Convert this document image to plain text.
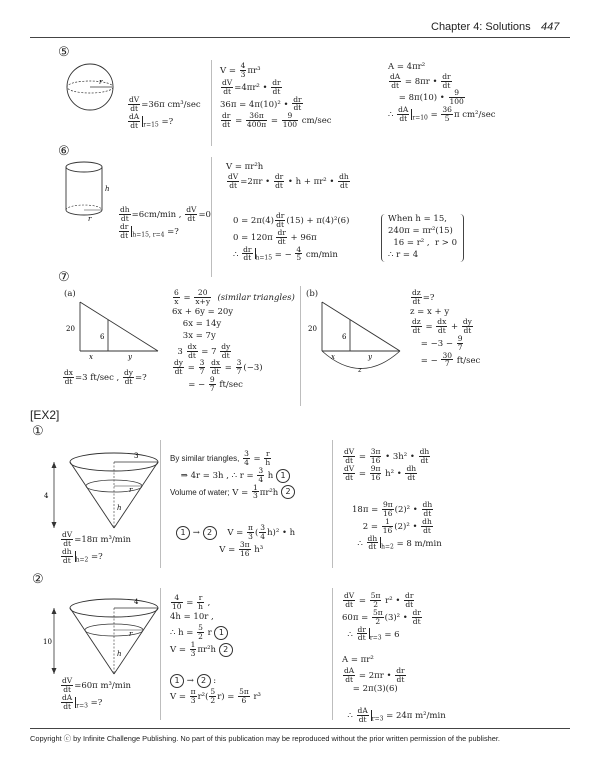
Chapter 4: Solutions 447
⑤
r
$\frac{dV}{dt} =36\pi$ cm³/sec

$\frac{dA}{dt} _{r=15}$ =?
$V = \frac{4}{3} \pi r^3$

$\frac{dV}{dt} =4\pi r^2$ • $\frac{dr}{dt}$

36π = 4π(10)² • $\frac{dr}{dt}$

$\frac{dr}{dt} = \frac{36\pi}{400\pi} = \frac{9}{100} cm/\sec$
A = 4πr²

$\frac{dA}{dt} = 8\pi r$ • $\frac{dr}{dt}$

= 8π(10) • $\frac{9}{100}$

∴ $\frac{dA}{dt} _{r=10} = \frac{36}{5}$ π cm²/sec
⑥
h
r	$\frac{dh}{dt} =6cm/\min$ , $\frac{dV}{dt} =0$

$\frac{dr}{dt} _{h=15, r=4}$ =?
V = πr²h

$\frac{dV}{dt} =2\pi r$ • $\frac{dr}{dt}$ • h + πr² • $\frac{dh}{dt}$
$0 = 2\pi(4) \frac{dr}{dt} (15) + \pi(4)^2(6)$
$0 = 120\pi \frac{dr}{dt} + 96\pi$
∴ $\frac{dr}{dt} _{h=15}$ = − $\frac{4}{5} cm/\min$
When h = 15,
240π = πr²(15)
16 = r² ,  r > 0
∴ r = 4
⑦
(a)
20
6
x	y
$\frac{dx}{dt} =3$ ft/sec , $\frac{dy}{dt}$ =?
$\frac{6}{x} = \frac{20}{x+y}$ (similar triangles)
6x + 6y = 20y
6x = 14y
3x = 7y
$3 \frac{dx}{dt} = 7 \frac{dy}{dt}$

$\frac{dy}{dt} = \frac{3}{7}$
$\frac{dx}{dt} = \frac{3}{7} (-3)$
= − $\frac{9}{7} ft/\sec$
(b)
20
6
x	y
z
$\frac{dz}{dt}$ =?
z = x + y

$\frac{dz}{dt} = \frac{dx}{dt} + \frac{dy}{dt}$

= $-3 - \frac{9}{7}$

= − $\frac{30}{7} ft/\sec$
[EX2]
①
3
4
r
h
$\frac{dV}{dt} =18\pi$ m³/min

$\frac{dh}{dt} _{h=2}$ =?
By similar triangles, $\frac{3}{4} = \frac{r}{h}$

⇒ 4r = 3h , ∴ $r = \frac{3}{4}$ h 1
Volume of water; $V = \frac{1}{3} \pi r^2h$ 2
1 → 2    $V = \frac{\pi}{3}$ ( $\frac{3}{4} h)^2$ • h
$V = \frac{3\pi}{16} h^3$
$\frac{dV}{dt} = \frac{3\pi}{16}$ • 3h² • $\frac{dh}{dt}$

$\frac{dV}{dt} = \frac{9\pi}{16} h^2$ • $\frac{dh}{dt}$
$18\pi = \frac{9\pi}{16} (2)^2$ • $\frac{dh}{dt}$

$2 = \frac{1}{16} (2)^2$ • $\frac{dh}{dt}$

∴ $\frac{dh}{dt} _{h=2} = 8$ m/min
②
4
10
r
h
$\frac{dV}{dt} =60\pi$ m³/min

$\frac{dA}{dt} _{r=3}$ =?
$\frac{4}{10} = \frac{r}{h}$ ,
4h = 10r ,
∴ $h = \frac{5}{2}$ r 1
$V = \frac{1}{3} \pi r^2h$ 2
1 → 2 :
$V = \frac{\pi}{3} r^2( \frac{5}{2} r) = \frac{5\pi}{6} r^3$
$\frac{dV}{dt} = \frac{5\pi}{2} r^2$ • $\frac{dr}{dt}$

$60\pi = \frac{5\pi}{2} (3)^2$ • $\frac{dr}{dt}$

∴ $\frac{dr}{dt} _{r=3} = 6$
A = πr²

$\frac{dA}{dt} = 2\pi r$ • $\frac{dr}{dt}$

= 2π(3)(6)

∴ $\frac{dA}{dt} _{r=3} = 24\pi$ m²/min
Copyright ⓒ by Infinite Challenge Publishing. No part of this publication may be reproduced without the prior written permission of the publisher.
